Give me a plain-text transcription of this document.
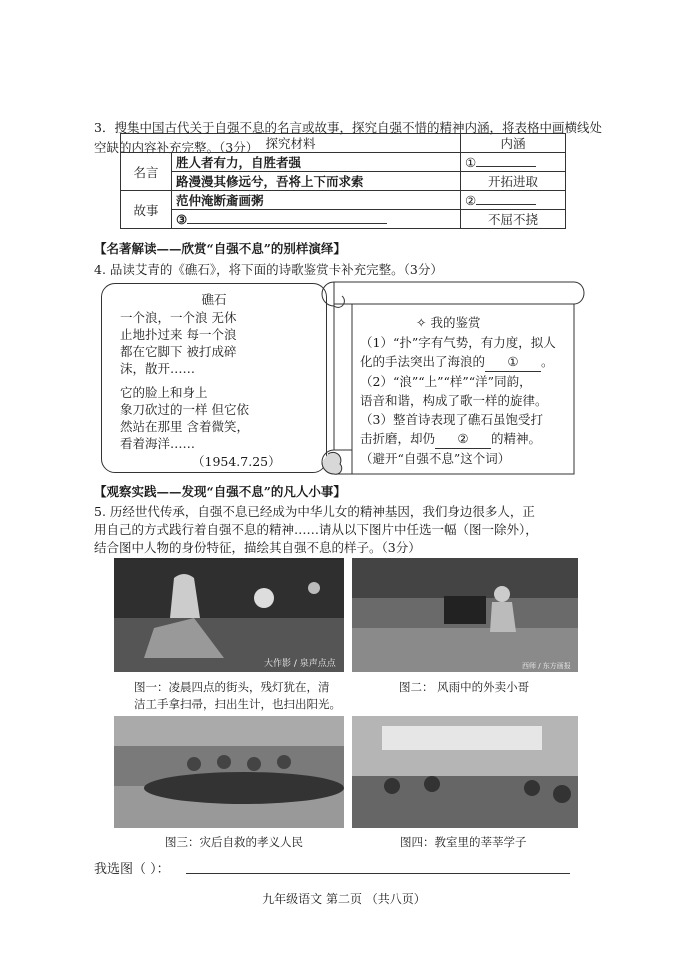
3．搜集中国古代关于自强不息的名言或故事，探究自强不惜的精神内涵，将表格中画横线处空缺的内容补充完整。（3分） 探究材料		内涵
名言	胜人者有力，自胜者强	①
	路漫漫其修远兮，吾将上下而求索	开拓进取
故事	范仲淹断齑画粥	②
	③	不屈不挠
【名著解读——欣赏“自强不息”的别样演绎】
4. 品读艾青的《礁石》，将下面的诗歌鉴赏卡补充完整。（3分）
礁石
一个浪，一个浪 无休
止地扑过来 每一个浪
都在它脚下 被打成碎
沫，散开……
它的脸上和身上
象刀砍过的一样 但它依
然站在那里 含着微笑，
看着海洋……
（1954.7.25）
✧ 我的鉴赏
（1）“扑”字有气势，有力度，拟人
化的手法突出了海浪的 ① 。
（2）“浪”“上”“样”“洋”同韵，
语音和谐，构成了歌一样的旋律。
（3）整首诗表现了礁石虽饱受打
击折磨，却仍 ② 的精神。
（避开“自强不息”这个词）
【观察实践——发现“自强不息”的凡人小事】
5. 历经世代传承，自强不息已经成为中华儿女的精神基因，我们身边很多人，正
用自己的方式践行着自强不息的精神……请从以下图片中任选一幅（图一除外），
结合图中人物的身份特征，描绘其自强不息的样子。（3分）
大作影 / 泉声点点	西师 / 东方画报
图一：凌晨四点的街头，残灯犹在，清
洁工手拿扫帚，扫出生计，也扫出阳光。
图二： 风雨中的外卖小哥
图三：灾后自救的孝义人民	图四：教室里的莘莘学子
我选图（ ）：
九年级语文 第二页 （共八页）
